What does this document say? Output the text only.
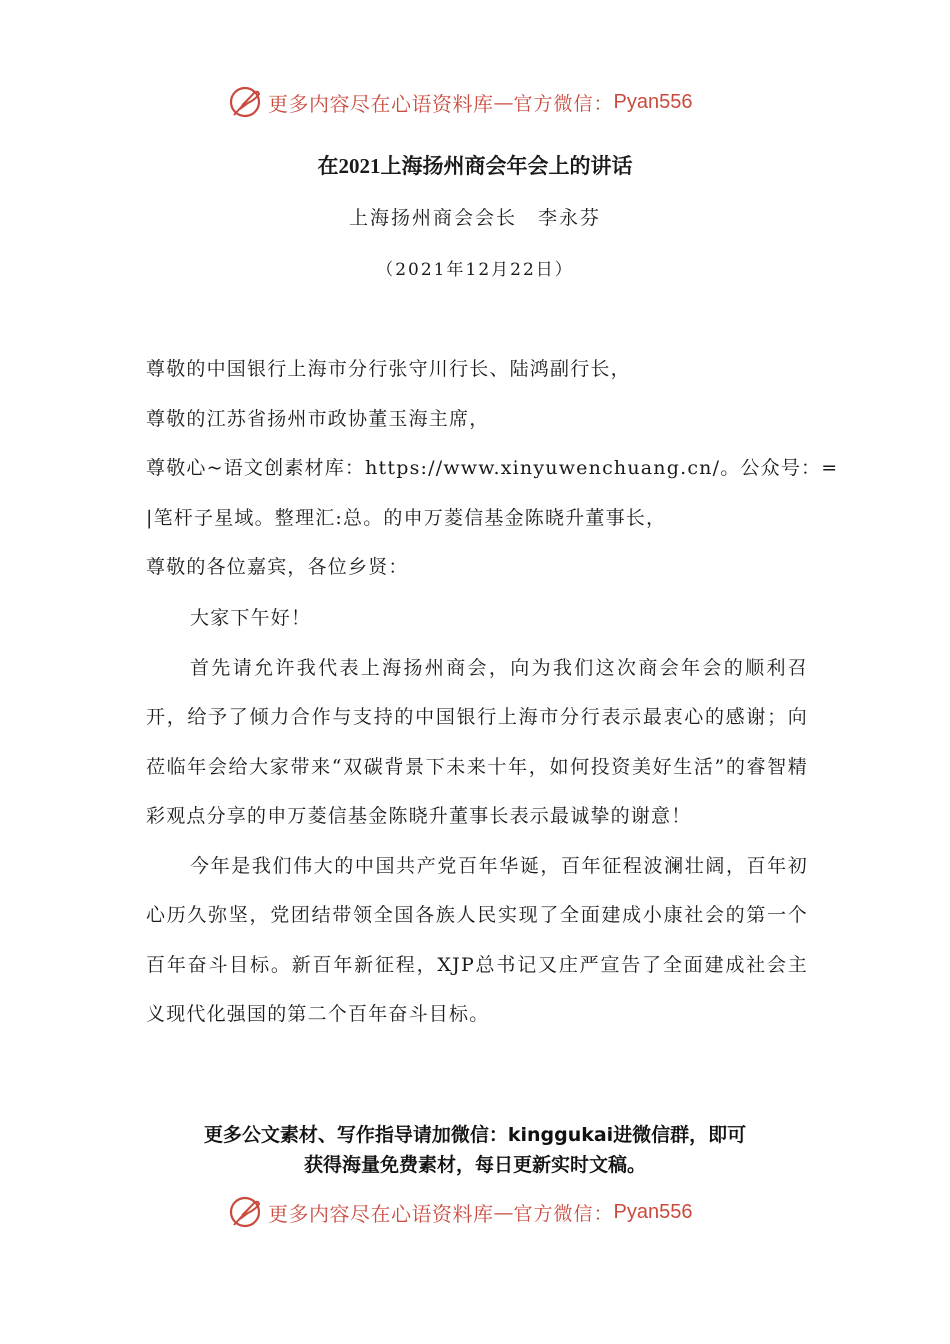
更多内容尽在心语资料库 — 官方微信： Pyan556
在2021上海扬州商会年会上的讲话
上海扬州商会会长　李永芬
（2021年12月22日）
尊敬的中国银行上海市分行张守川行长、陆鸿副行长，
尊敬的江苏省扬州市政协董玉海主席，
尊敬心~语文创素材库：https://www.xinyuwenchuang.cn/。公众号：=
|笔杆子星域。整理汇:总。的申万菱信基金陈晓升董事长，
尊敬的各位嘉宾，各位乡贤：

大家下午好！

首先请允许我代表上海扬州商会，向为我们这次商会年会的顺利召开，给予了倾力合作与支持的中国银行上海市分行表示最衷心的感谢；向莅临年会给大家带来“双碳背景下未来十年，如何投资美好生活”的睿智精彩观点分享的申万菱信基金陈晓升董事长表示最诚挚的谢意！

今年是我们伟大的中国共产党百年华诞，百年征程波澜壮阔，百年初心历久弥坚，党团结带领全国各族人民实现了全面建成小康社会的第一个百年奋斗目标。新百年新征程，XJP总书记又庄严宣告了全面建成社会主义现代化强国的第二个百年奋斗目标。

更多公文素材、写作指导请加微信：kinggukai进微信群，即可
获得海量免费素材，每日更新实时文稿。
更多内容尽在心语资料库 — 官方微信： Pyan556
